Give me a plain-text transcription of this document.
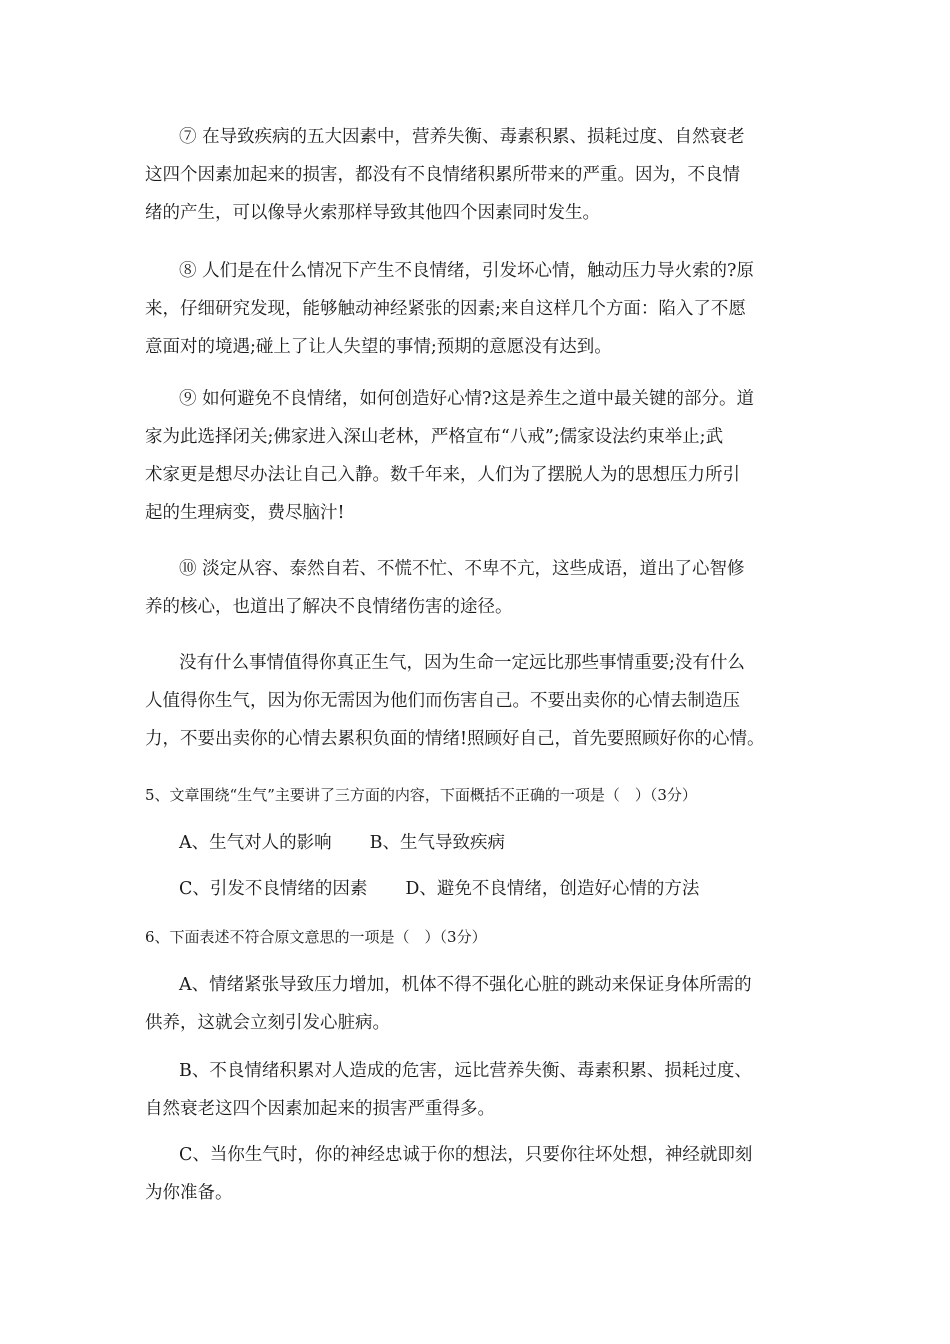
⑦ 在导致疾病的五大因素中，营养失衡、毒素积累、损耗过度、自然衰老
这四个因素加起来的损害，都没有不良情绪积累所带来的严重。因为，不良情
绪的产生，可以像导火索那样导致其他四个因素同时发生。
⑧ 人们是在什么情况下产生不良情绪，引发坏心情，触动压力导火索的?原
来，仔细研究发现，能够触动神经紧张的因素;来自这样几个方面：陷入了不愿
意面对的境遇;碰上了让人失望的事情;预期的意愿没有达到。
⑨ 如何避免不良情绪，如何创造好心情?这是养生之道中最关键的部分。道
家为此选择闭关;佛家进入深山老林，严格宣布“八戒”;儒家设法约束举止;武
术家更是想尽办法让自己入静。数千年来，人们为了摆脱人为的思想压力所引
起的生理病变，费尽脑汁!
⑩ 淡定从容、泰然自若、不慌不忙、不卑不亢，这些成语，道出了心智修
养的核心，也道出了解决不良情绪伤害的途径。
没有什么事情值得你真正生气，因为生命一定远比那些事情重要;没有什么
人值得你生气，因为你无需因为他们而伤害自己。不要出卖你的心情去制造压
力，不要出卖你的心情去累积负面的情绪!照顾好自己，首先要照顾好你的心情。

5、文章围绕“生气”主要讲了三方面的内容，下面概括不正确的一项是（　）（3分）

A、生气对人的影响 B、生气导致疾病

C、引发不良情绪的因素 D、避免不良情绪，创造好心情的方法

6、下面表述不符合原文意思的一项是（　）（3分）

A、情绪紧张导致压力增加，机体不得不强化心脏的跳动来保证身体所需的
供养，这就会立刻引发心脏病。
B、不良情绪积累对人造成的危害，远比营养失衡、毒素积累、损耗过度、
自然衰老这四个因素加起来的损害严重得多。
C、当你生气时，你的神经忠诚于你的想法，只要你往坏处想，神经就即刻
为你准备。
